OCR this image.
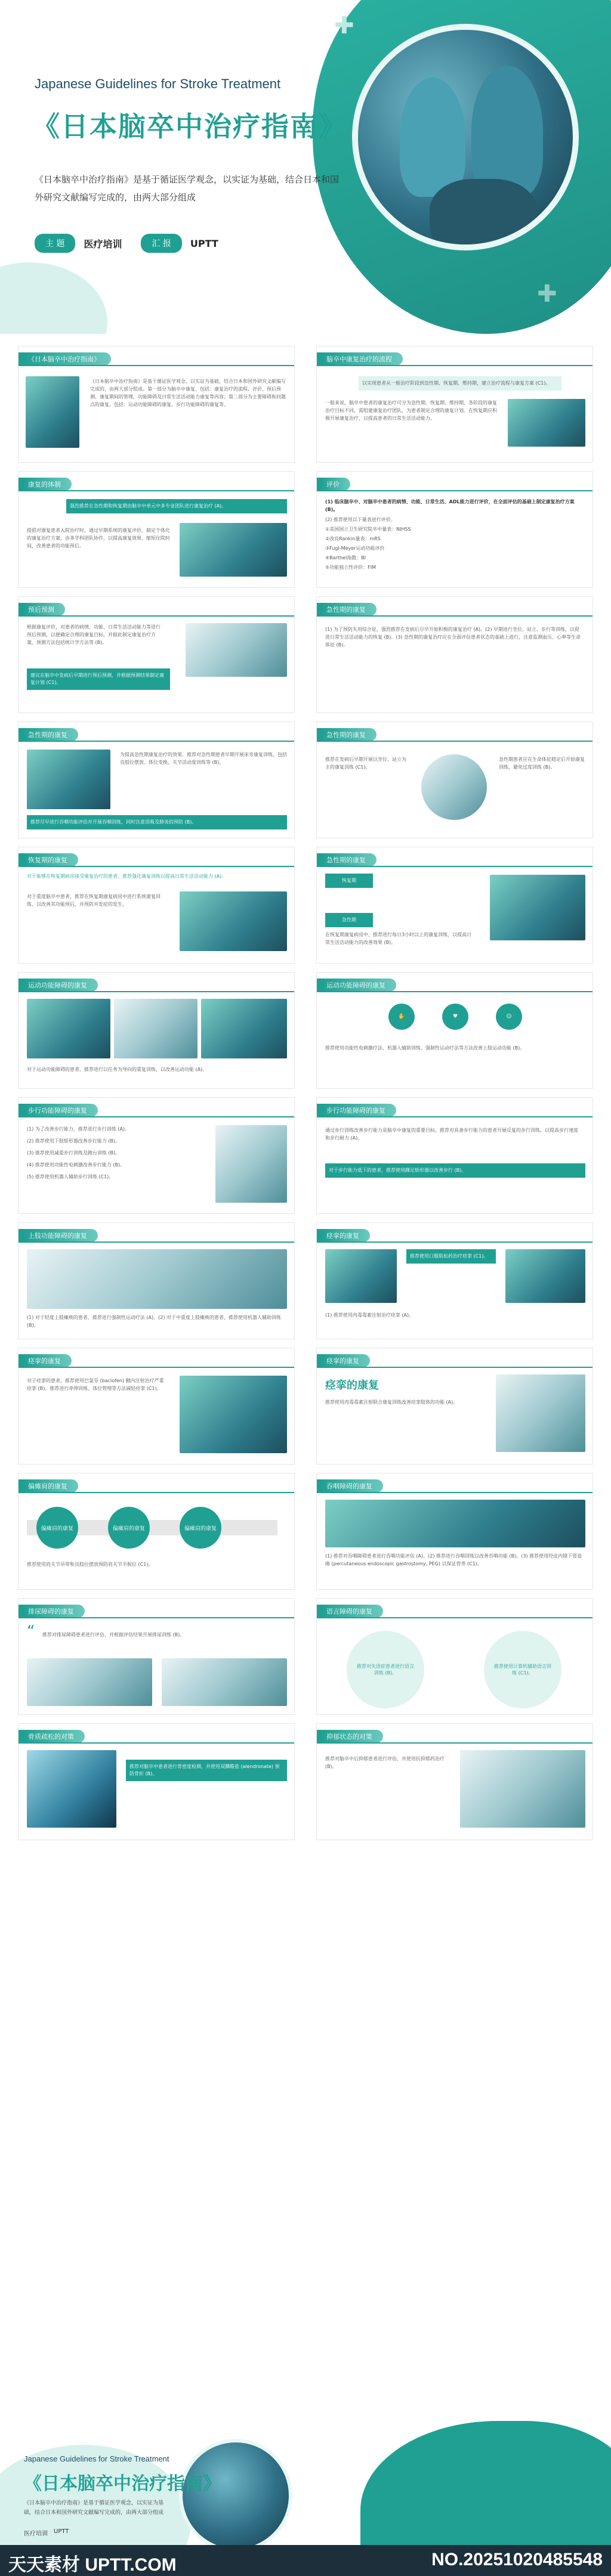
✚
✚
Japanese Guidelines for Stroke Treatment
《日本脑卒中治疗指南》
《日本脑卒中治疗指南》是基于循证医学观念，以实证为基础，结合日本和国外研究文献编写完成的，由两大部分组成
主 题	医疗培训	汇 报	UPTT
《日本脑卒中治疗指南》
《日本脑卒中治疗指南》是基于循证医学观念，以实证为基础，结合日本和国外研究文献编写完成的，由两大部分组成。第一部分为脑卒中康复、包括：康复治疗的流程、评价、预后预测、康复期间的管理，功能障碍及日常生活活动能力康复等内容；第二部分为主要障碍和问题点的康复，包括：运动功能障碍的康复、步行功能障碍的康复等。
脑卒中康复治疗的流程
以实现患者从一般治疗阶段到急性期、恢复期、维持期，建立治疗流程与康复方案 (C1)。
一般来说，脑卒中患者的康复治疗可分为急性期、恢复期、维持期，各阶段的康复治疗目标不同，需组建康复治疗团队，为患者制定合理的康复计划。在恢复期应积极开展康复治疗，以提高患者的日常生活活动能力。
康复的体制
强烈推荐在急性期和恢复期由脑卒中单元中多专业团队进行康复治疗 (A)。
提倡对康复患者入院治疗时，通过早期系统的康复评价，制定个体化的康复治疗方案，由多学科团队协作，以提高康复效果，缩短住院时间，改善患者的功能预后。
评价
(1) 临床脑卒中、对脑卒中患者的病情、功能、日常生活、ADL能力进行评价，在全面评估的基础上制定康复治疗方案 (B)。
(2) 推荐使用以下量表进行评价。
①美国国立卫生研究院卒中量表：NIHSS
②改良Rankin量表：mRS
③Fugl-Meyer运动功能评价
④Barthel指数：BI
⑤功能独立性评价：FIM
预后预测
根据康复评价，对患者的病情、功能、日常生活活动能力等进行预后预测，以便确定合理的康复目标，并据此制定康复治疗方案，预测方法包括统计学方法等 (B)。
建议在脑卒中发病后早期进行预后预测，并根据预测结果制定康复计划 (C1)。
急性期的康复
(1) 为了预防失用综合征，强烈推荐在发病后尽早开始积极的康复治疗 (A)。(2) 早期进行坐位、站立、步行等训练，以促进日常生活活动能力的恢复 (B)。(3) 急性期的康复治疗应在全面评估患者状态的基础上进行，注意监测血压、心率等生命体征 (B)。
急性期的康复
为提高急性期康复治疗的效果，推荐对急性期患者早期开展床旁康复训练，包括良肢位摆放、体位变换、关节活动度训练等 (B)。
推荐尽早进行吞咽功能评估并开展吞咽训练，同时注意误吸及肺炎的预防 (B)。
急性期的康复
推荐在发病后早期开展以坐位、站立为主的康复训练 (C1)。
急性期患者应在生命体征稳定后开始康复训练，避免过度训练 (B)。
恢复期的康复
对于能够在恢复期病房接受康复治疗的患者，推荐强化康复训练以提高日常生活活动能力 (A)。
对于重度脑卒中患者，推荐在恢复期康复病房中进行系统康复训练，以改善其功能预后，并预防并发症的发生。
急性期的康复
恢复期
急性期
在恢复期康复病房中，推荐进行每日3小时以上的康复训练，以提高日常生活活动能力的改善效果 (B)。
运动功能障碍的康复
对于运动功能障碍的患者，推荐进行以任务为导向的重复训练，以改善运动功能 (A)。
运动功能障碍的康复
✋	♥	☺
推荐使用功能性电刺激疗法、机器人辅助训练、强制性运动疗法等方法改善上肢运动功能 (B)。
步行功能障碍的康复
(1) 为了改善步行能力，推荐进行步行训练 (A)。
(2) 推荐使用下肢矫形器改善步行能力 (B)。
(3) 推荐使用减重步行训练及跑台训练 (B)。
(4) 推荐使用功能性电刺激改善步行能力 (B)。
(5) 推荐使用机器人辅助步行训练 (C1)。
步行功能障碍的康复
通过步行训练改善步行能力是脑卒中康复的重要目标，推荐对具备步行能力的患者开展反复的步行训练，以提高步行速度和步行耐力 (A)。
对于步行能力低下的患者，推荐使用踝足矫形器以改善步行 (B)。
上肢功能障碍的康复
(1) 对于轻度上肢瘫痪的患者，推荐进行强制性运动疗法 (A)。(2) 对于中重度上肢瘫痪的患者，推荐使用机器人辅助训练 (B)。
痉挛的康复
推荐使用口服肌松药治疗痉挛 (C1)。
(1) 推荐使用肉毒毒素注射治疗痉挛 (A)。
痉挛的康复
对于痉挛的患者，推荐使用巴氯芬 (baclofen) 鞘内注射治疗严重痉挛 (B)。推荐进行牵伸训练、体位管理等方法减轻痉挛 (C1)。
痉挛的康复
痉挛的康复
推荐使用肉毒毒素注射联合康复训练改善痉挛肢体的功能 (A)。
偏瘫肩的康复
偏瘫肩的康复	偏瘫肩的康复	偏瘫肩的康复
推荐使用肩关节吊带和良肢位摆放预防肩关节半脱位 (C1)。
吞咽障碍的康复
(1) 推荐对吞咽障碍患者进行吞咽功能评估 (A)。(2) 推荐进行吞咽训练以改善吞咽功能 (B)。(3) 推荐使用经皮内镜下胃造瘘 (percutaneous endoscopic gastrostomy, PEG) 以保证营养 (C1)。
排尿障碍的康复
“ 推荐对排尿障碍患者进行评估，并根据评估结果开展排尿训练 (B)。
语言障碍的康复
推荐对失语症患者进行语言训练 (B)。
推荐使用计算机辅助语言训练 (C1)。
骨质疏松的对策
推荐对脑卒中患者进行骨密度检测，并使用双膦酸盐 (alendronate) 预防骨折 (B)。
抑郁状态的对策
推荐对脑卒中后抑郁患者进行评估，并使用抗抑郁药治疗 (B)。
Japanese Guidelines for Stroke Treatment
《日本脑卒中治疗指南》
《日本脑卒中治疗指南》是基于循证医学观念，以实证为基础，结合日本和国外研究文献编写完成的，由两大部分组成
医疗培训 UPTT
天天素材 UPTT.COM	NO.20251020485548
